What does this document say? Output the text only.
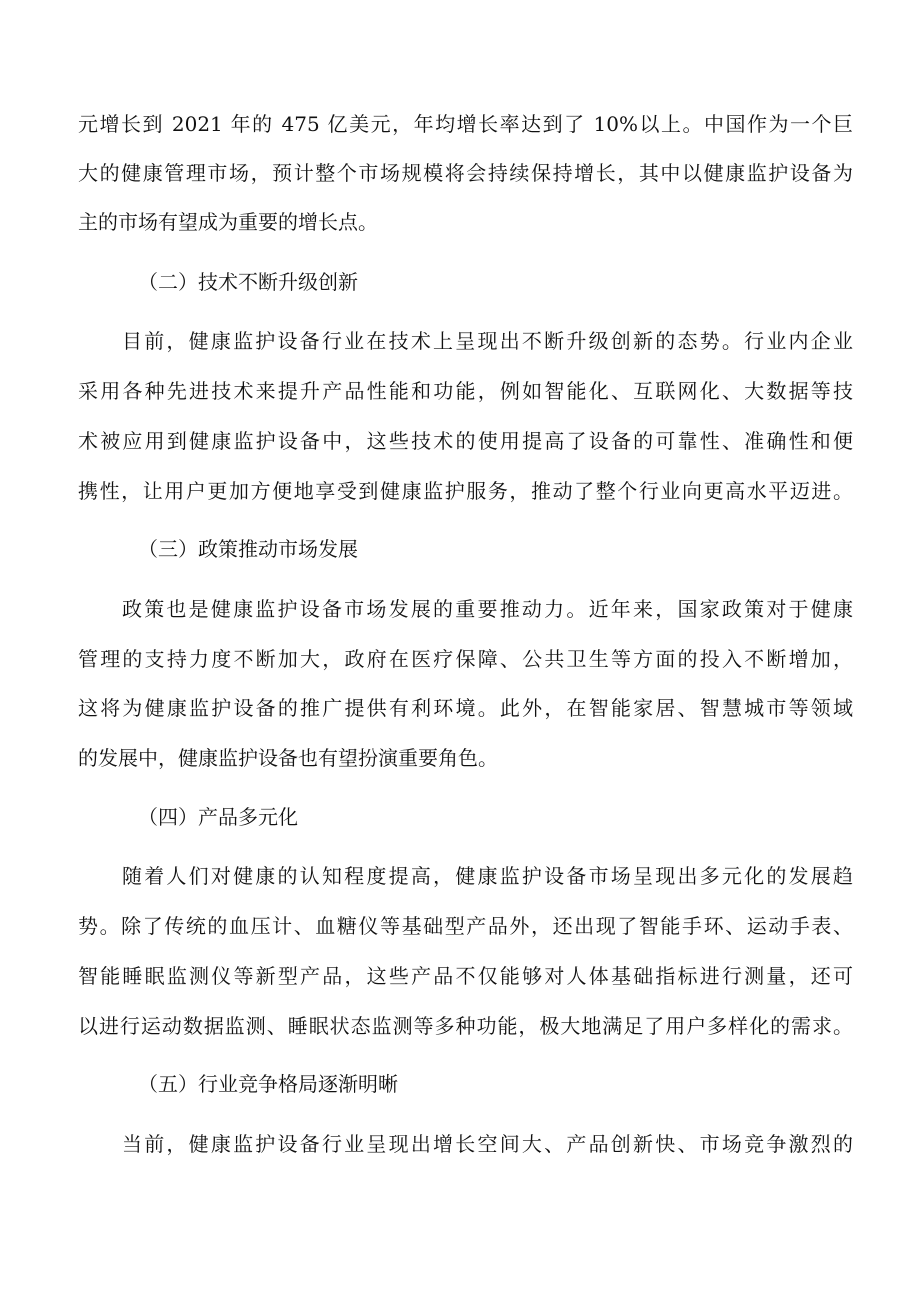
元增长到 2021 年的 475 亿美元，年均增长率达到了 10%以上。中国作为一个巨
大的健康管理市场，预计整个市场规模将会持续保持增长，其中以健康监护设备为
主的市场有望成为重要的增长点。
（二）技术不断升级创新
目前，健康监护设备行业在技术上呈现出不断升级创新的态势。行业内企业
采用各种先进技术来提升产品性能和功能，例如智能化、互联网化、大数据等技
术被应用到健康监护设备中，这些技术的使用提高了设备的可靠性、准确性和便
携性，让用户更加方便地享受到健康监护服务，推动了整个行业向更高水平迈进。
（三）政策推动市场发展
政策也是健康监护设备市场发展的重要推动力。近年来，国家政策对于健康
管理的支持力度不断加大，政府在医疗保障、公共卫生等方面的投入不断增加，
这将为健康监护设备的推广提供有利环境。此外，在智能家居、智慧城市等领域
的发展中，健康监护设备也有望扮演重要角色。
（四）产品多元化
随着人们对健康的认知程度提高，健康监护设备市场呈现出多元化的发展趋
势。除了传统的血压计、血糖仪等基础型产品外，还出现了智能手环、运动手表、
智能睡眠监测仪等新型产品，这些产品不仅能够对人体基础指标进行测量，还可
以进行运动数据监测、睡眠状态监测等多种功能，极大地满足了用户多样化的需求。
（五）行业竞争格局逐渐明晰
当前，健康监护设备行业呈现出增长空间大、产品创新快、市场竞争激烈的
